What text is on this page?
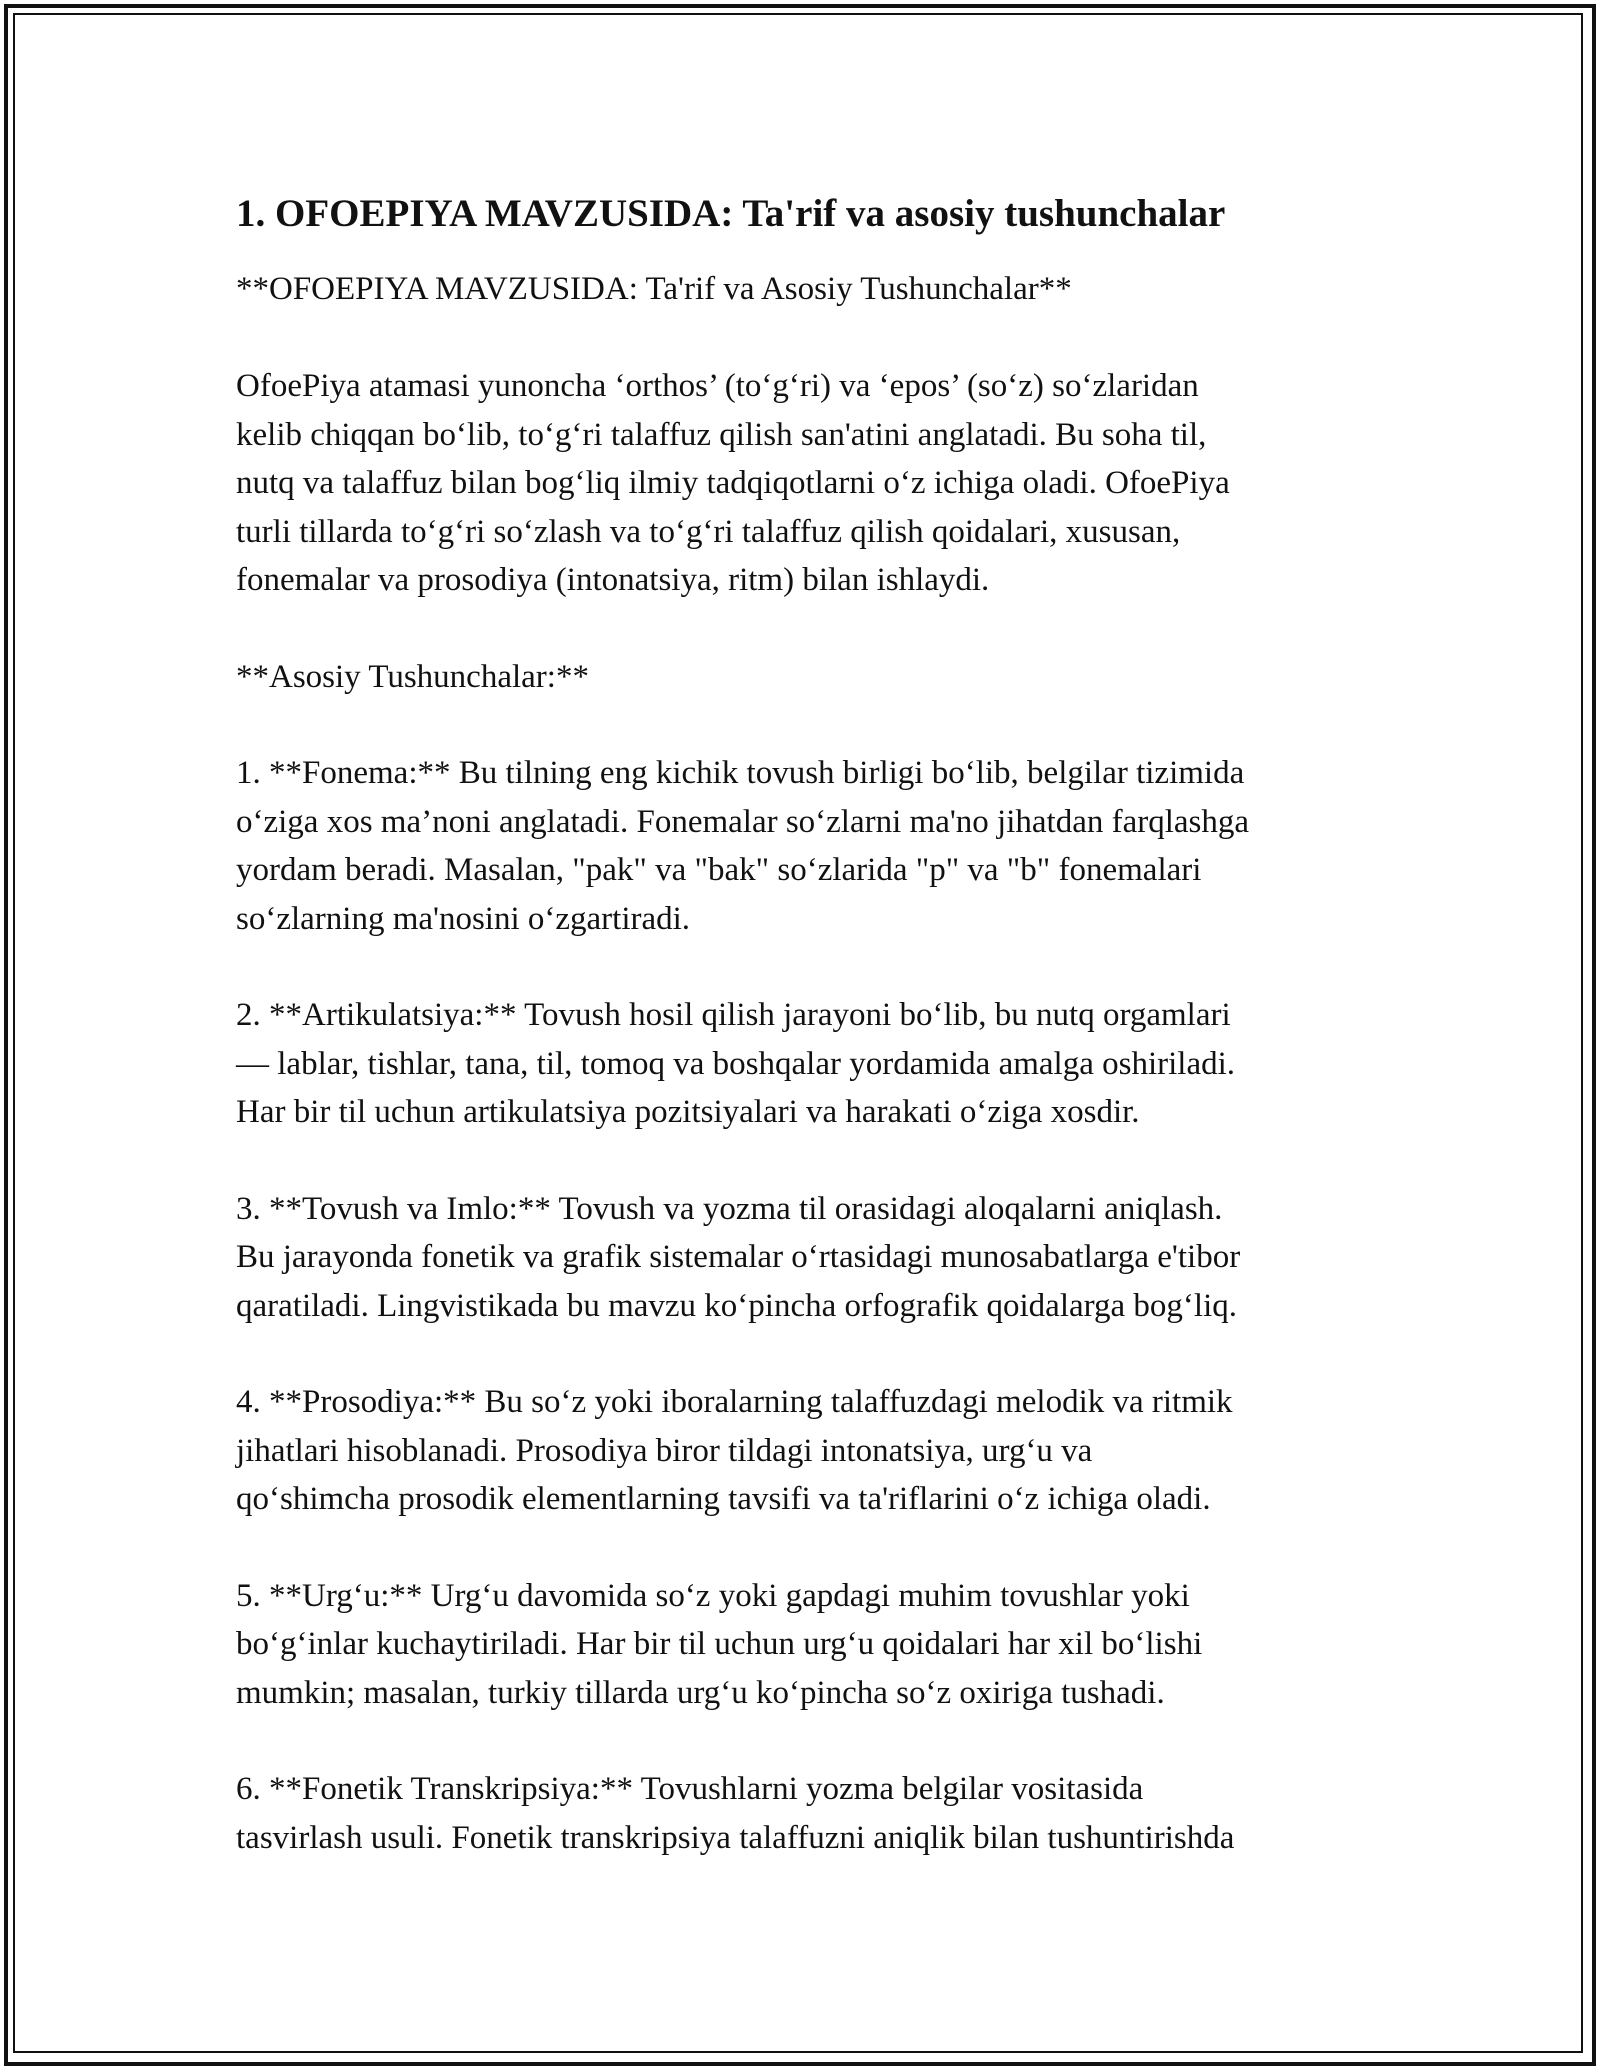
1. OFOEPIYA MAVZUSIDA: Ta'rif va asosiy tushunchalar

**OFOEPIYA MAVZUSIDA: Ta'rif va Asosiy Tushunchalar**

OfoePiya atamasi yunoncha ‘orthos’ (to‘g‘ri) va ‘epos’ (so‘z) so‘zlaridan
kelib chiqqan bo‘lib, to‘g‘ri talaffuz qilish san'atini anglatadi. Bu soha til,
nutq va talaffuz bilan bog‘liq ilmiy tadqiqotlarni o‘z ichiga oladi. OfoePiya
turli tillarda to‘g‘ri so‘zlash va to‘g‘ri talaffuz qilish qoidalari, xususan,
fonemalar va prosodiya (intonatsiya, ritm) bilan ishlaydi.

**Asosiy Tushunchalar:**

1. **Fonema:** Bu tilning eng kichik tovush birligi bo‘lib, belgilar tizimida
o‘ziga xos ma’noni anglatadi. Fonemalar so‘zlarni ma'no jihatdan farqlashga
yordam beradi. Masalan, "pak" va "bak" so‘zlarida "p" va "b" fonemalari
so‘zlarning ma'nosini o‘zgartiradi.

2. **Artikulatsiya:** Tovush hosil qilish jarayoni bo‘lib, bu nutq orgamlari
— lablar, tishlar, tana, til, tomoq va boshqalar yordamida amalga oshiriladi.
Har bir til uchun artikulatsiya pozitsiyalari va harakati o‘ziga xosdir.

3. **Tovush va Imlo:** Tovush va yozma til orasidagi aloqalarni aniqlash.
Bu jarayonda fonetik va grafik sistemalar o‘rtasidagi munosabatlarga e'tibor
qaratiladi. Lingvistikada bu mavzu ko‘pincha orfografik qoidalarga bog‘liq.

4. **Prosodiya:** Bu so‘z yoki iboralarning talaffuzdagi melodik va ritmik
jihatlari hisoblanadi. Prosodiya biror tildagi intonatsiya, urg‘u va
qo‘shimcha prosodik elementlarning tavsifi va ta'riflarini o‘z ichiga oladi.

5. **Urg‘u:** Urg‘u davomida so‘z yoki gapdagi muhim tovushlar yoki
bo‘g‘inlar kuchaytiriladi. Har bir til uchun urg‘u qoidalari har xil bo‘lishi
mumkin; masalan, turkiy tillarda urg‘u ko‘pincha so‘z oxiriga tushadi.

6. **Fonetik Transkripsiya:** Tovushlarni yozma belgilar vositasida
tasvirlash usuli. Fonetik transkripsiya talaffuzni aniqlik bilan tushuntirishda
